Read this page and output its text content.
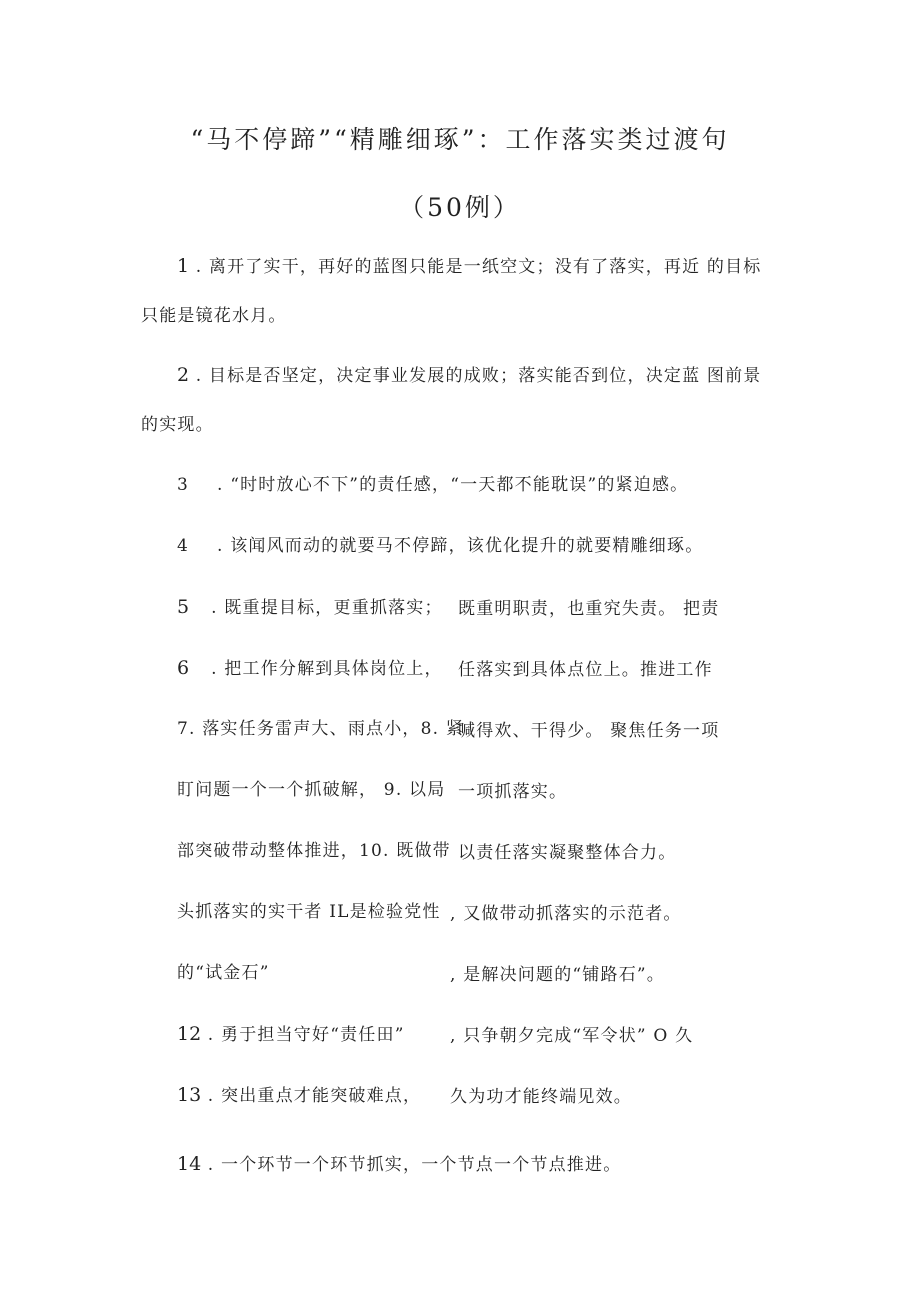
“马不停蹄”“精雕细琢”：工作落实类过渡句
（50例）
1 . 离开了实干，再好的蓝图只能是一纸空文；没有了落实，再近 的目标
只能是镜花水月。
2 . 目标是否坚定，决定事业发展的成败；落实能否到位，决定蓝 图前景
的实现。
3 . “时时放心不下”的责任感，“一天都不能耽误”的紧迫感。
4 . 该闻风而动的就要马不停蹄，该优化提升的就要精雕细琢。
5 . 既重提目标，更重抓落实；
6 . 把工作分解到具体岗位上，
7. 落实任务雷声大、雨点小，8. 紧
盯问题一个一个抓破解， 9. 以局
部突破带动整体推进，10. 既做带
头抓落实的实干者 IL是检验党性
的“试金石”
12 . 勇于担当守好“责任田”
13 . 突出重点才能突破难点，
既重明职责，也重究失责。 把责
任落实到具体点位上。推进工作
喊得欢、干得少。 聚焦任务一项
一项抓落实。
以责任落实凝聚整体合力。
, 又做带动抓落实的示范者。
, 是解决问题的“铺路石”。
, 只争朝夕完成“军令状” O 久
久为功才能终端见效。
14 . 一个环节一个环节抓实，一个节点一个节点推进。
